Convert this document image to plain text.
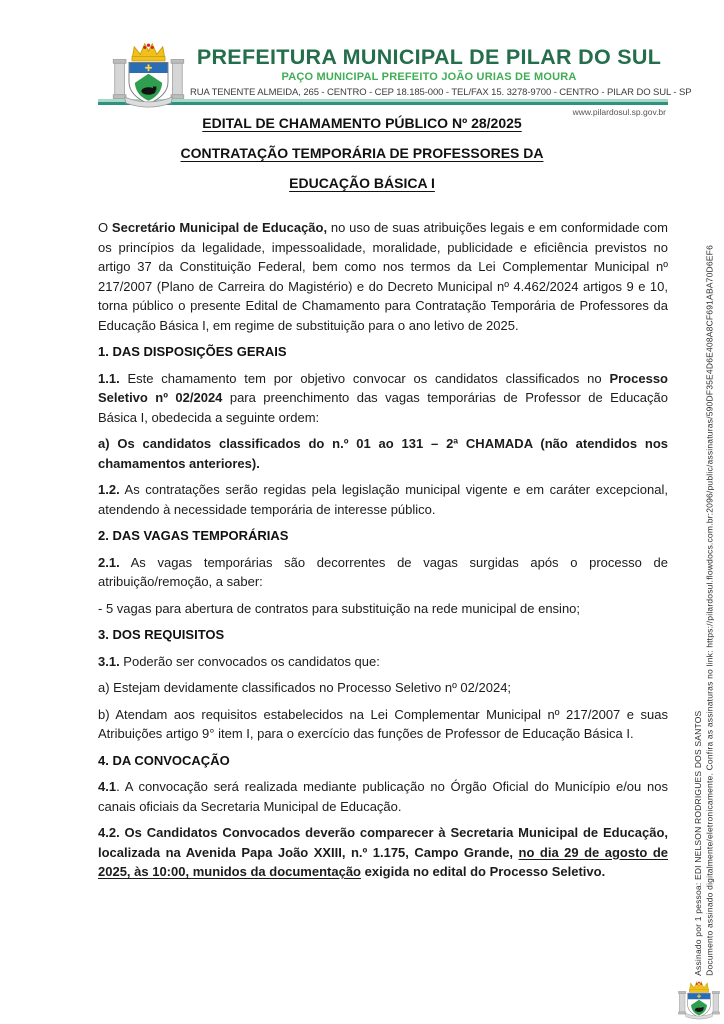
PREFEITURA MUNICIPAL DE PILAR DO SUL
PAÇO MUNICIPAL PREFEITO JOÃO URIAS DE MOURA
RUA TENENTE ALMEIDA, 265 - CENTRO - CEP 18.185-000 - TEL/FAX 15. 3278-9700 - CENTRO - PILAR DO SUL - SP
www.pilardosul.sp.gov.br
EDITAL DE CHAMAMENTO PÚBLICO Nº 28/2025
CONTRATAÇÃO TEMPORÁRIA DE PROFESSORES DA
EDUCAÇÃO BÁSICA I

O Secretário Municipal de Educação, no uso de suas atribuições legais e em conformidade com os princípios da legalidade, impessoalidade, moralidade, publicidade e eficiência previstos no artigo 37 da Constituição Federal, bem como nos termos da Lei Complementar Municipal nº 217/2007 (Plano de Carreira do Magistério) e do Decreto Municipal nº 4.462/2024 artigos 9 e 10, torna público o presente Edital de Chamamento para Contratação Temporária de Professores da Educação Básica I, em regime de substituição para o ano letivo de 2025.

1. DAS DISPOSIÇÕES GERAIS

1.1. Este chamamento tem por objetivo convocar os candidatos classificados no Processo Seletivo nº 02/2024 para preenchimento das vagas temporárias de Professor de Educação Básica I, obedecida a seguinte ordem:

a) Os candidatos classificados do n.º 01 ao 131 – 2ª CHAMADA (não atendidos nos chamamentos anteriores).

1.2. As contratações serão regidas pela legislação municipal vigente e em caráter excepcional, atendendo à necessidade temporária de interesse público.

2. DAS VAGAS TEMPORÁRIAS

2.1. As vagas temporárias são decorrentes de vagas surgidas após o processo de atribuição/remoção, a saber:

- 5 vagas para abertura de contratos para substituição na rede municipal de ensino;

3. DOS REQUISITOS

3.1. Poderão ser convocados os candidatos que:

a) Estejam devidamente classificados no Processo Seletivo nº 02/2024;

b) Atendam aos requisitos estabelecidos na Lei Complementar Municipal nº 217/2007 e suas Atribuições artigo 9° item I, para o exercício das funções de Professor de Educação Básica I.

4. DA CONVOCAÇÃO

4.1. A convocação será realizada mediante publicação no Órgão Oficial do Município e/ou nos canais oficiais da Secretaria Municipal de Educação.

4.2. Os Candidatos Convocados deverão comparecer à Secretaria Municipal de Educação, localizada na Avenida Papa João XXIII, n.º 1.175, Campo Grande, no dia 29 de agosto de 2025, às 10:00, munidos da documentação exigida no edital do Processo Seletivo.	Assinado por 1 pessoa: EDI NELSON RODRIGUES DOS SANTOS Documento assinado digitalmente/eletronicamente. Confira as assinaturas no link: https://pilardosul.flowdocs.com.br:2096/public/assinaturas/590DF35E4D6E408A8CF691ABA70D6EF6
